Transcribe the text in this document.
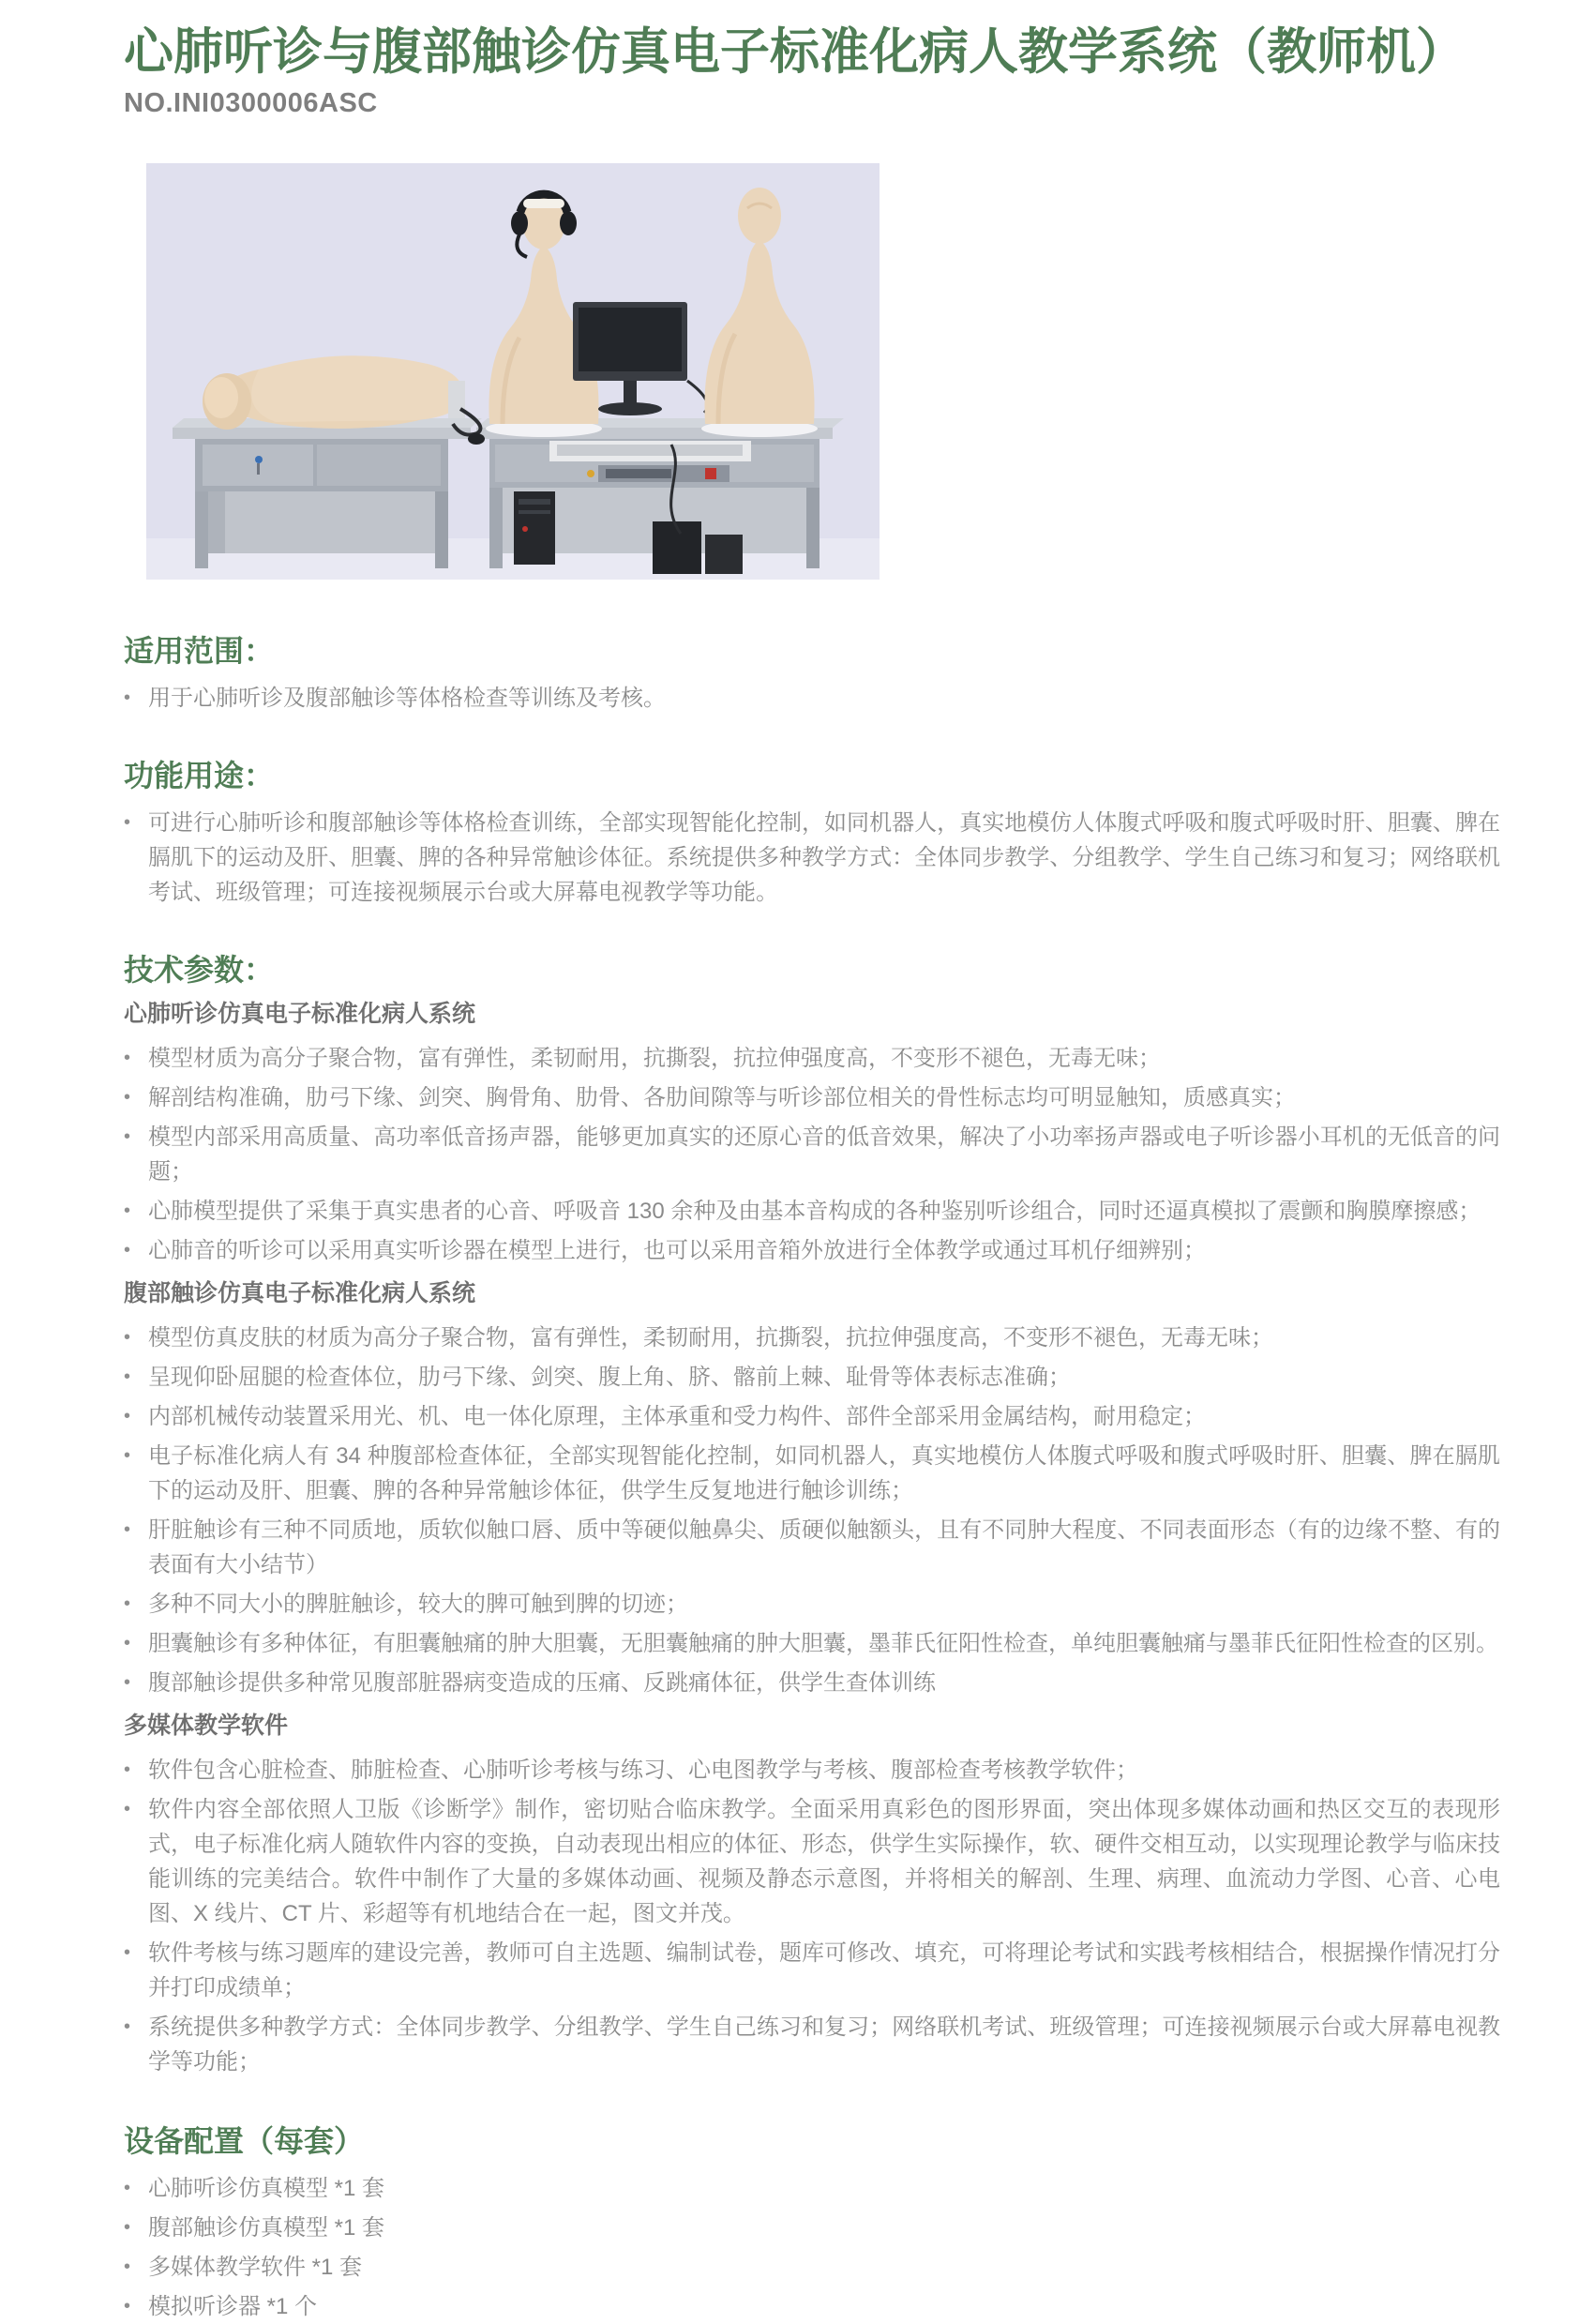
心肺听诊与腹部触诊仿真电子标准化病人教学系统（教师机）
NO.INI0300006ASC
适用范围：
• 用于心肺听诊及腹部触诊等体格检查等训练及考核。
功能用途：
• 可进行心肺听诊和腹部触诊等体格检查训练，全部实现智能化控制，如同机器人，真实地模仿人体腹式呼吸和腹式呼吸时肝、胆囊、脾在膈肌下的运动及肝、胆囊、脾的各种异常触诊体征。系统提供多种教学方式：全体同步教学、分组教学、学生自己练习和复习；网络联机考试、班级管理；可连接视频展示台或大屏幕电视教学等功能。
技术参数：
心肺听诊仿真电子标准化病人系统
• 模型材质为高分子聚合物，富有弹性，柔韧耐用，抗撕裂，抗拉伸强度高，不变形不褪色，无毒无味；
• 解剖结构准确，肋弓下缘、剑突、胸骨角、肋骨、各肋间隙等与听诊部位相关的骨性标志均可明显触知，质感真实；
• 模型内部采用高质量、高功率低音扬声器，能够更加真实的还原心音的低音效果，解决了小功率扬声器或电子听诊器小耳机的无低音的问题；
• 心肺模型提供了采集于真实患者的心音、呼吸音 130 余种及由基本音构成的各种鉴别听诊组合，同时还逼真模拟了震颤和胸膜摩擦感；
• 心肺音的听诊可以采用真实听诊器在模型上进行，也可以采用音箱外放进行全体教学或通过耳机仔细辨别；
腹部触诊仿真电子标准化病人系统
• 模型仿真皮肤的材质为高分子聚合物，富有弹性，柔韧耐用，抗撕裂，抗拉伸强度高，不变形不褪色，无毒无味；
• 呈现仰卧屈腿的检查体位，肋弓下缘、剑突、腹上角、脐、髂前上棘、耻骨等体表标志准确；
• 内部机械传动装置采用光、机、电一体化原理，主体承重和受力构件、部件全部采用金属结构，耐用稳定；
• 电子标准化病人有 34 种腹部检查体征，全部实现智能化控制，如同机器人，真实地模仿人体腹式呼吸和腹式呼吸时肝、胆囊、脾在膈肌下的运动及肝、胆囊、脾的各种异常触诊体征，供学生反复地进行触诊训练；
• 肝脏触诊有三种不同质地，质软似触口唇、质中等硬似触鼻尖、质硬似触额头，且有不同肿大程度、不同表面形态（有的边缘不整、有的表面有大小结节）
• 多种不同大小的脾脏触诊，较大的脾可触到脾的切迹；
• 胆囊触诊有多种体征，有胆囊触痛的肿大胆囊，无胆囊触痛的肿大胆囊，墨菲氏征阳性检查，单纯胆囊触痛与墨菲氏征阳性检查的区别。
• 腹部触诊提供多种常见腹部脏器病变造成的压痛、反跳痛体征，供学生查体训练
多媒体教学软件
• 软件包含心脏检查、肺脏检查、心肺听诊考核与练习、心电图教学与考核、腹部检查考核教学软件；
• 软件内容全部依照人卫版《诊断学》制作，密切贴合临床教学。全面采用真彩色的图形界面，突出体现多媒体动画和热区交互的表现形式，电子标准化病人随软件内容的变换，自动表现出相应的体征、形态，供学生实际操作，软、硬件交相互动，以实现理论教学与临床技能训练的完美结合。软件中制作了大量的多媒体动画、视频及静态示意图，并将相关的解剖、生理、病理、血流动力学图、心音、心电图、X 线片、CT 片、彩超等有机地结合在一起，图文并茂。
• 软件考核与练习题库的建设完善，教师可自主选题、编制试卷，题库可修改、填充，可将理论考试和实践考核相结合，根据操作情况打分并打印成绩单；
• 系统提供多种教学方式：全体同步教学、分组教学、学生自己练习和复习；网络联机考试、班级管理；可连接视频展示台或大屏幕电视教学等功能；
设备配置（每套）
• 心肺听诊仿真模型 *1 套
• 腹部触诊仿真模型 *1 套
• 多媒体教学软件 *1 套
• 模拟听诊器 *1 个
